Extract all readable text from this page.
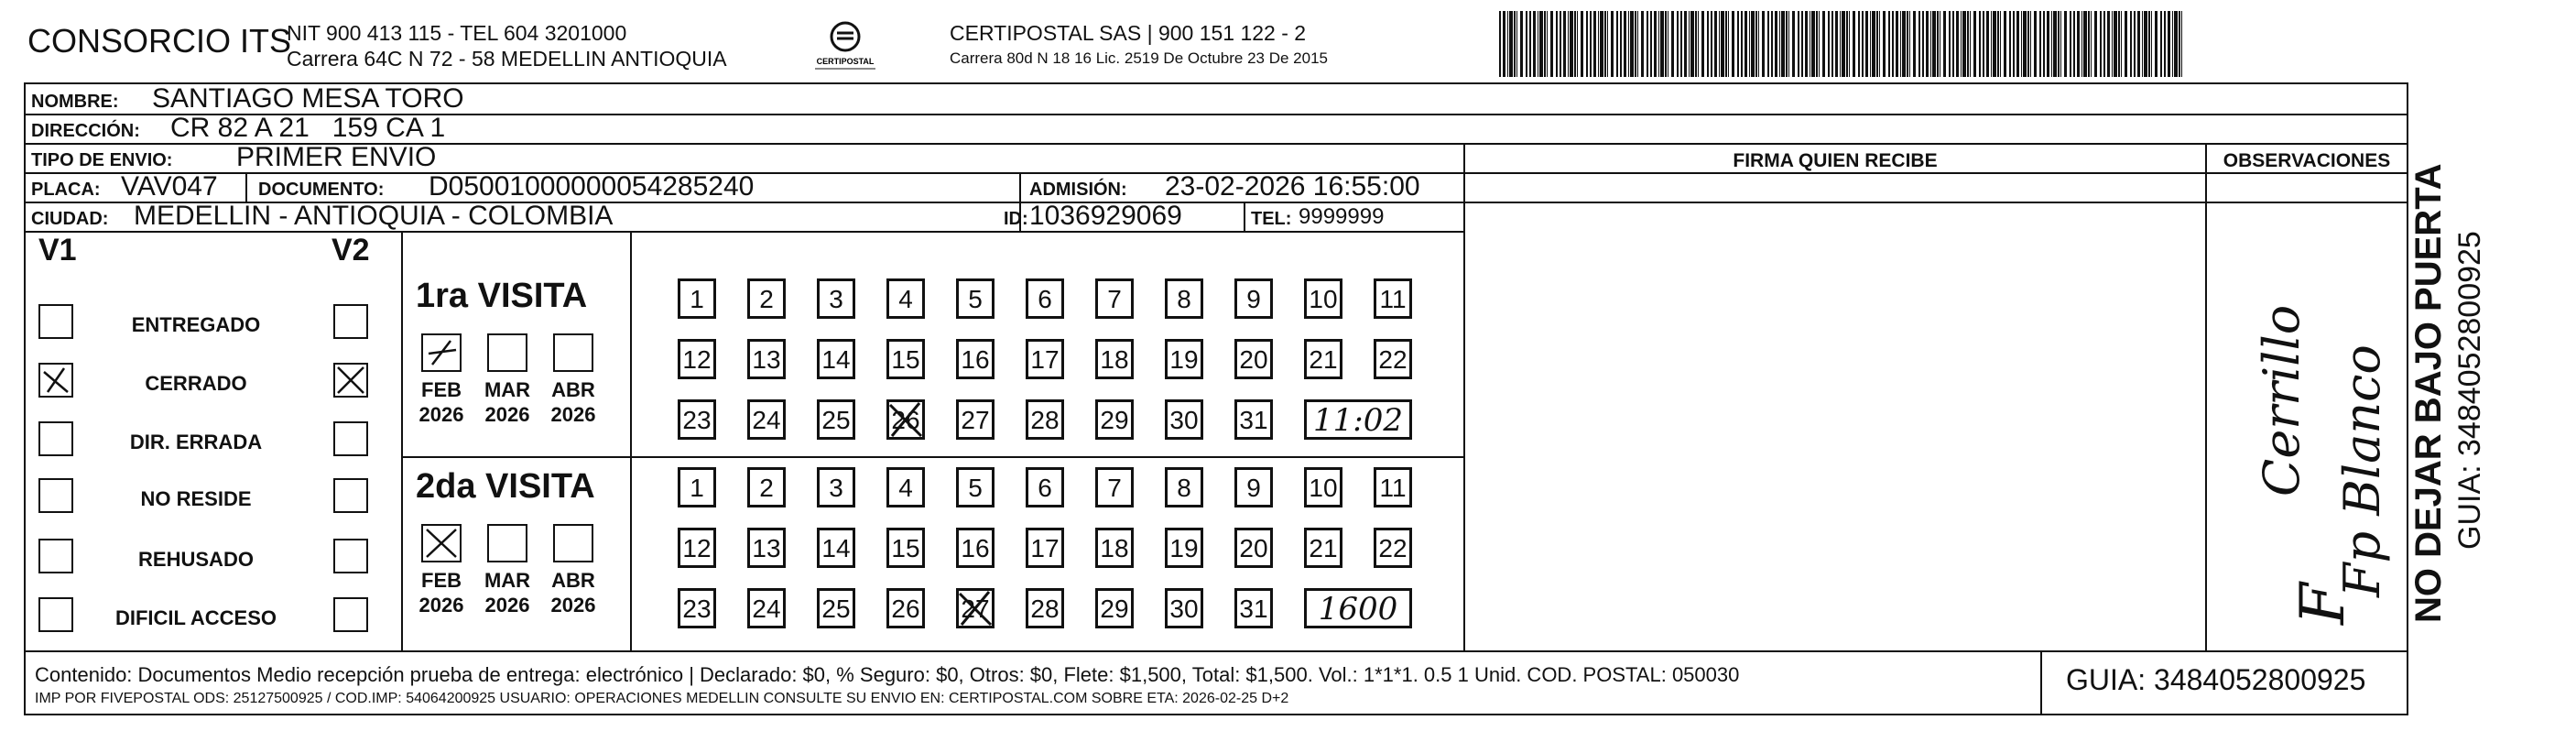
CONSORCIO ITS
NIT 900 413 115 - TEL 604 3201000
Carrera 64C N 72 - 58 MEDELLIN ANTIOQUIA	CERTIPOSTAL
CERTIPOSTAL SAS | 900 151 122 - 2
Carrera 80d N 18 16 Lic. 2519 De Octubre 23 De 2015
NOMBRE: SANTIAGO MESA TORO
DIRECCIÓN: CR 82 A 21   159 CA 1
TIPO DE ENVIO: PRIMER ENVIO	FIRMA QUIEN RECIBE	OBSERVACIONES
PLACA: VAV047 DOCUMENTO: D05001000000054285240	ADMISIÓN: 23-02-2026 16:55:00
CIUDAD: MEDELLIN - ANTIOQUIA - COLOMBIA	ID: 1036929069	TEL: 9999999
V1	V2
ENTREGADO
CERRADO
DIR. ERRADA
NO RESIDE
REHUSADO
DIFICIL ACCESO
1ra VISITA
2da VISITA
FEB
2026
MAR
2026
ABR
2026
FEB
2026
MAR
2026
ABR
2026
1	2	3	4	5	6	7	8	9	10 11
12 13 14 15 16 17 18 19 20 21 22
23 24 25 26 27 28 29 30 31 11:02
1	2	3	4	5	6	7	8	9	10 11
12 13 14 15 16 17 18 19 20 21 22
23 24 25 26 27 28 29 30 31	1600
Cerrillo
F
Fp Blanco
Contenido: Documentos Medio recepción prueba de entrega: electrónico | Declarado: $0, % Seguro: $0, Otros: $0, Flete: $1,500, Total: $1,500. Vol.: 1*1*1. 0.5 1 Unid. COD. POSTAL: 050030
IMP POR FIVEPOSTAL ODS: 25127500925 / COD.IMP: 54064200925 USUARIO: OPERACIONES MEDELLIN CONSULTE SU ENVIO EN: CERTIPOSTAL.COM SOBRE ETA: 2026-02-25 D+2
GUIA: 3484052800925
NO DEJAR BAJO PUERTA GUIA: 3484052800925
